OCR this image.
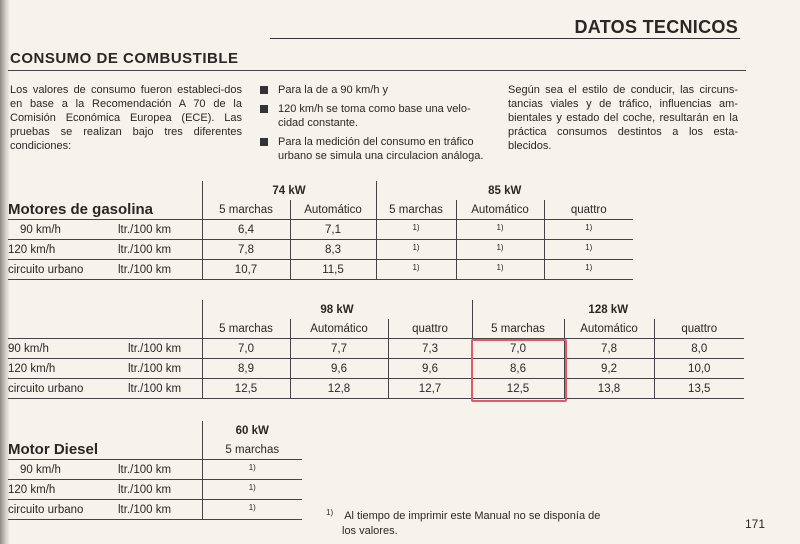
DATOS TECNICOS
CONSUMO DE COMBUSTIBLE
Los valores de consumo fueron estableci-dos en base a la Recomendación A 70 de la Comisión Económica Europea (ECE). Las pruebas se realizan bajo tres diferentes condiciones:
Para la de a 90 km/h y
120 km/h se toma como base una velo-cidad constante.
Para la medición del consumo en tráfico urbano se simula una circulacion análoga.
Según sea el estilo de conducir, las circuns-tancias viales y de tráfico, influencias am-bientales y estado del coche, resultarán en la práctica consumos destintos a los esta-blecidos.
		74 kW		85 kW		
Motores de gasolina		5 marchas	Automático	5 marchas	Automático	quattro
90 km/h	ltr./100 km	6,4	7,1	$^{1)}$	$^{1)}$	$^{1)}$
120 km/h	ltr./100 km	7,8	8,3	$^{1)}$	$^{1)}$	$^{1)}$
circuito urbano	ltr./100 km	10,7	11,5	$^{1)}$	$^{1)}$	$^{1)}$
		98 kW			128 kW		
		5 marchas	Automático	quattro	5 marchas	Automático	quattro
90 km/h	ltr./100 km	7,0	7,7	7,3	7,0	7,8	8,0
120 km/h	ltr./100 km	8,9	9,6	9,6	8,6	9,2	10,0
circuito urbano	ltr./100 km	12,5	12,8	12,7	12,5	13,8	13,5
		60 kW
Motor Diesel		5 marchas
90 km/h	ltr./100 km	$^{1)}$
120 km/h	ltr./100 km	$^{1)}$
circuito urbano	ltr./100 km	$^{1)}$
$^{1)}$ Al tiempo de imprimir este Manual no se disponía de
los valores.	171
